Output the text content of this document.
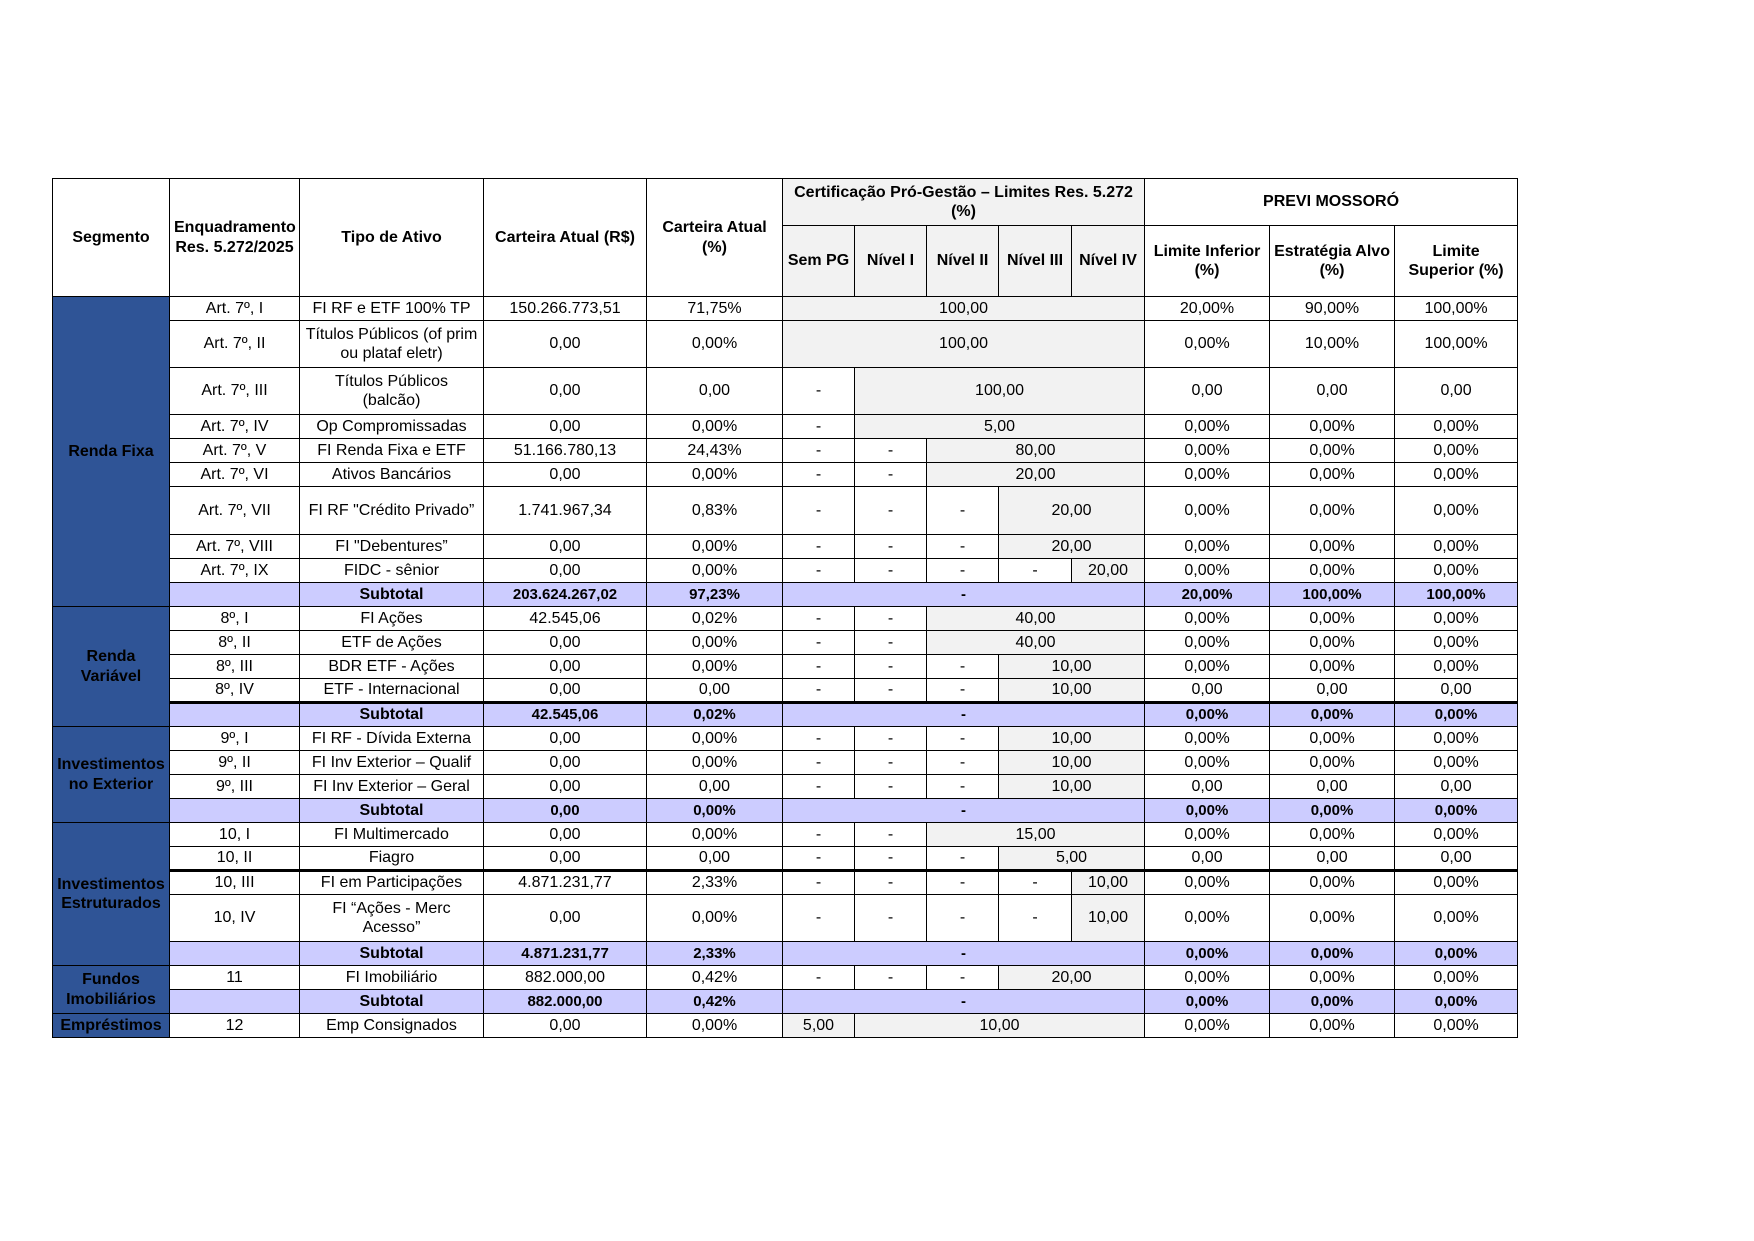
Segmento	Enquadramento Res. 5.272/2025	Tipo de Ativo	Carteira Atual (R$)	Carteira Atual (%)	Certificação Pró-Gestão – Limites Res. 5.272 (%)					PREVI MOSSORÓ		
					Sem PG	Nível I	Nível II	Nível III	Nível IV	Limite Inferior (%)	Estratégia Alvo (%)	Limite Superior (%)
Renda Fixa	Art. 7º, I	FI RF e ETF 100% TP	150.266.773,51	71,75%	100,00					20,00%	90,00%	100,00%
	Art. 7º, II	Títulos Públicos (of prim ou plataf eletr)	0,00	0,00%	100,00					0,00%	10,00%	100,00%
	Art. 7º, III	Títulos Públicos (balcão)	0,00	0,00	-	100,00				0,00	0,00	0,00
	Art. 7º, IV	Op Compromissadas	0,00	0,00%	-	5,00				0,00%	0,00%	0,00%
	Art. 7º, V	FI Renda Fixa e ETF	51.166.780,13	24,43%	-	-	80,00			0,00%	0,00%	0,00%
	Art. 7º, VI	Ativos Bancários	0,00	0,00%	-	-	20,00			0,00%	0,00%	0,00%
	Art. 7º, VII	FI RF "Crédito Privado”	1.741.967,34	0,83%	-	-	-	20,00		0,00%	0,00%	0,00%
	Art. 7º, VIII	FI "Debentures”	0,00	0,00%	-	-	-	20,00		0,00%	0,00%	0,00%
	Art. 7º, IX	FIDC - sênior	0,00	0,00%	-	-	-	-	20,00	0,00%	0,00%	0,00%
		Subtotal	203.624.267,02	97,23%	-					20,00%	100,00%	100,00%
Renda Variável	8º, I	FI Ações	42.545,06	0,02%	-	-	40,00			0,00%	0,00%	0,00%
	8º, II	ETF de Ações	0,00	0,00%	-	-	40,00			0,00%	0,00%	0,00%
	8º, III	BDR ETF - Ações	0,00	0,00%	-	-	-	10,00		0,00%	0,00%	0,00%
	8º, IV	ETF - Internacional	0,00	0,00	-	-	-	10,00		0,00	0,00	0,00
		Subtotal	42.545,06	0,02%	-					0,00%	0,00%	0,00%
Investimentos no Exterior	9º, I	FI RF - Dívida Externa	0,00	0,00%	-	-	-	10,00		0,00%	0,00%	0,00%
	9º, II	FI Inv Exterior – Qualif	0,00	0,00%	-	-	-	10,00		0,00%	0,00%	0,00%
	9º, III	FI Inv Exterior – Geral	0,00	0,00	-	-	-	10,00		0,00	0,00	0,00
		Subtotal	0,00	0,00%	-					0,00%	0,00%	0,00%
Investimentos Estruturados	10, I	FI Multimercado	0,00	0,00%	-	-	15,00			0,00%	0,00%	0,00%
	10, II	Fiagro	0,00	0,00	-	-	-	5,00		0,00	0,00	0,00
	10, III	FI em Participações	4.871.231,77	2,33%	-	-	-	-	10,00	0,00%	0,00%	0,00%
	10, IV	FI “Ações - Merc Acesso”	0,00	0,00%	-	-	-	-	10,00	0,00%	0,00%	0,00%
		Subtotal	4.871.231,77	2,33%	-					0,00%	0,00%	0,00%
Fundos Imobiliários	11	FI Imobiliário	882.000,00	0,42%	-	-	-	20,00		0,00%	0,00%	0,00%
		Subtotal	882.000,00	0,42%	-					0,00%	0,00%	0,00%
Empréstimos	12	Emp Consignados	0,00	0,00%	5,00	10,00				0,00%	0,00%	0,00%
